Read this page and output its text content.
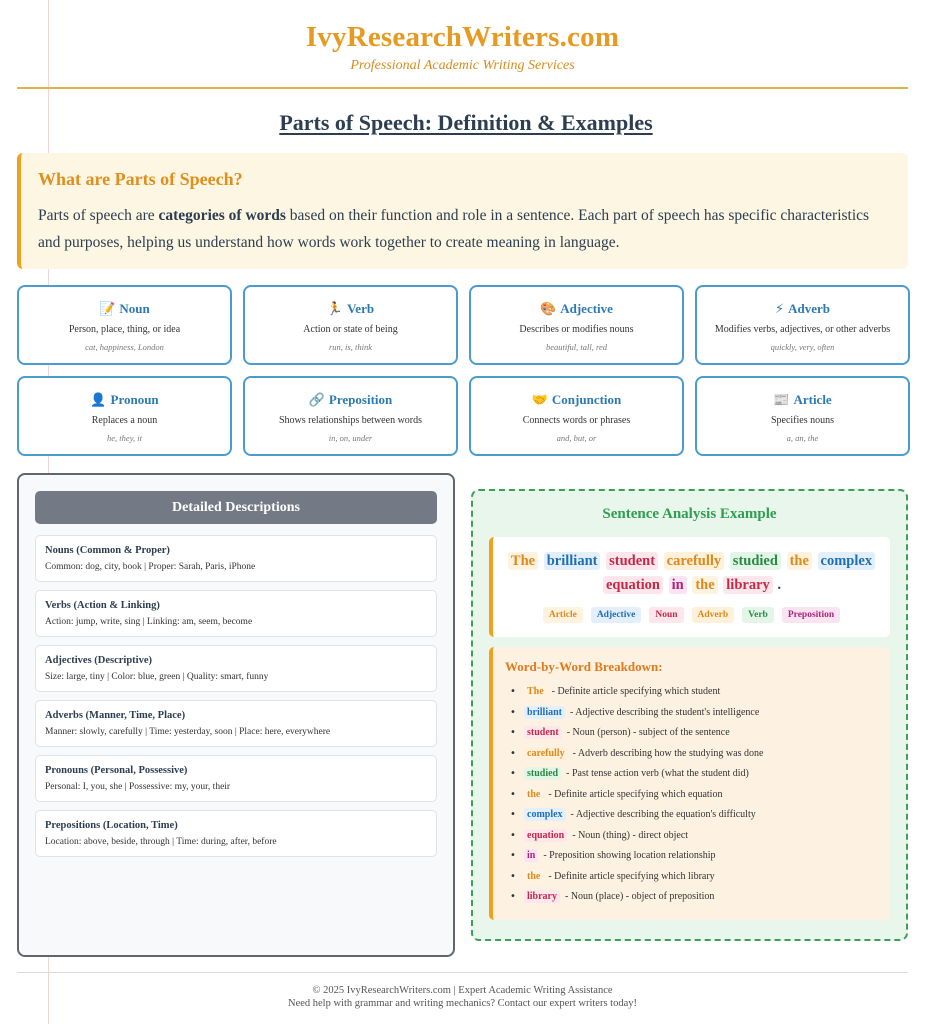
IvyResearchWriters.com
Professional Academic Writing Services
Parts of Speech: Definition & Examples
What are Parts of Speech?

Parts of speech are categories of words based on their function and role in a sentence. Each part of speech has specific characteristics and purposes, helping us understand how words work together to create meaning in language.

📝 Noun
Person, place, thing, or idea
cat, happiness, London
🏃 Verb
Action or state of being
run, is, think
🎨 Adjective
Describes or modifies nouns
beautiful, tall, red
⚡ Adverb
Modifies verbs, adjectives, or other adverbs
quickly, very, often
👤 Pronoun
Replaces a noun
he, they, it
🔗 Preposition
Shows relationships between words
in, on, under
🤝 Conjunction
Connects words or phrases
and, but, or
📰 Article
Specifies nouns
a, an, the
Detailed Descriptions
Nouns (Common & Proper)
Common: dog, city, book | Proper: Sarah, Paris, iPhone
Verbs (Action & Linking)
Action: jump, write, sing | Linking: am, seem, become
Adjectives (Descriptive)
Size: large, tiny | Color: blue, green | Quality: smart, funny
Adverbs (Manner, Time, Place)
Manner: slowly, carefully | Time: yesterday, soon | Place: here, everywhere
Pronouns (Personal, Possessive)
Personal: I, you, she | Possessive: my, your, their
Prepositions (Location, Time)
Location: above, beside, through | Time: during, after, before
Sentence Analysis Example
The brilliant student carefully studied the complex equation in the library .
Article	Adjective	Noun	Adverb	Verb	Preposition
Word-by-Word Breakdown:
• The - Definite article specifying which student
• brilliant - Adjective describing the student's intelligence
• student - Noun (person) - subject of the sentence
• carefully - Adverb describing how the studying was done
• studied - Past tense action verb (what the student did)
• the - Definite article specifying which equation
• complex - Adjective describing the equation's difficulty
• equation - Noun (thing) - direct object
• in - Preposition showing location relationship
• the - Definite article specifying which library
• library - Noun (place) - object of preposition
© 2025 IvyResearchWriters.com | Expert Academic Writing Assistance
Need help with grammar and writing mechanics? Contact our expert writers today!
